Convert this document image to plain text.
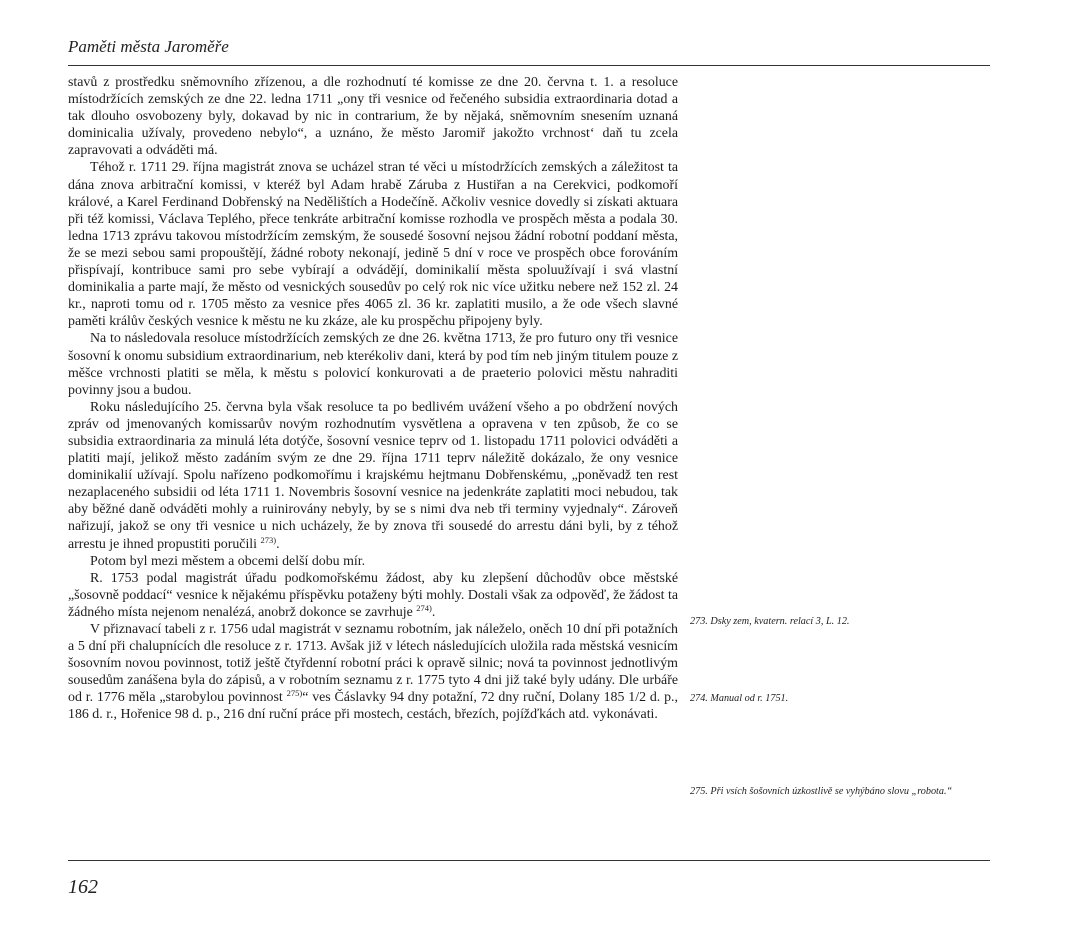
Paměti města Jaroměře

stavů z prostředku sněmovního zřízenou, a dle rozhodnutí té komisse ze dne 20. června t. 1. a resoluce místodržících zemských ze dne 22. ledna 1711 „ony tři vesnice od řečeného subsidia extraordinaria dotad a tak dlouho osvobozeny byly, dokavad by nic in contrarium, že by nějaká, sněmovním snesením uznaná dominicalia užívaly, provedeno nebylo“, a uznáno, že město Jaromiř jakožto vrchnost‘ daň tu zcela zapravovati a odváděti má.

Téhož r. 1711 29. října magistrát znova se ucházel stran té věci u místodržících zemských a záležitost ta dána znova arbitrační komissi, v kteréž byl Adam hrabě Záruba z Hustiřan a na Cerekvici, podkomoří králové, a Karel Ferdinand Dobřenský na Nedělištích a Hodečíně. Ačkoliv vesnice dovedly si získati aktuara při též komissi, Václava Teplého, přece tenkráte arbitrační komisse rozhodla ve prospěch města a podala 30. ledna 1713 zprávu takovou místodržícím zemským, že sousedé šosovní nejsou žádní robotní poddaní města, že se mezi sebou sami propouštějí, žádné roboty nekonají, jedině 5 dní v roce ve prospěch obce forováním přispívají, kontribuce sami pro sebe vybírají a odvádějí, dominikalií města spoluužívají i svá vlastní dominikalia a parte mají, že město od vesnických sousedův po celý rok nic více užitku nebere než 152 zl. 24 kr., naproti tomu od r. 1705 město za vesnice přes 4065 zl. 36 kr. zaplatiti musilo, a že ode všech slavné paměti králův českých vesnice k městu ne ku zkáze, ale ku prospěchu připojeny byly.

Na to následovala resoluce místodržících zemských ze dne 26. května 1713, že pro futuro ony tři vesnice šosovní k onomu subsidium extraordinarium, neb kterékoliv dani, která by pod tím neb jiným titulem pouze z měšce vrchnosti platiti se měla, k městu s polovicí konkurovati a de praeterio polovici městu nahraditi povinny jsou a budou.

Roku následujícího 25. června byla však resoluce ta po bedlivém uvážení všeho a po obdržení nových zpráv od jmenovaných komissarův novým rozhodnutím vysvětlena a opravena v ten způsob, že co se subsidia extraordinaria za minulá léta dotýče, šosovní vesnice teprv od 1. listopadu 1711 polovici odváděti a platiti mají, jelikož město zadáním svým ze dne 29. října 1711 teprv náležitě dokázalo, že ony vesnice dominikalií užívají. Spolu nařízeno podkomořímu i krajskému hejtmanu Dobřenskému, „poněvadž ten rest nezaplaceného subsidii od léta 1711 1. Novembris šosovní vesnice na jedenkráte zaplatiti moci nebudou, tak aby běžné daně odváděti mohly a ruinirovány nebyly, by se s nimi dva neb tři terminy vyjednaly“. Zároveň nařizují, jakož se ony tři vesnice u nich ucházely, že by znova tři sousedé do arrestu dáni byli, by z téhož arrestu je ihned propustiti poručili $^{273)}$.

Potom byl mezi městem a obcemi delší dobu mír.

R. 1753 podal magistrát úřadu podkomořskému žádost, aby ku zlepšení důchodův obce městské „šosovně poddací“ vesnice k nějakému příspěvku potaženy býti mohly. Dostali však za odpověď, že žádost ta žádného místa nejenom nenalézá, anobrž dokonce se zavrhuje $^{274)}$.

V přiznavací tabeli z r. 1756 udal magistrát v seznamu robotním, jak náleželo, oněch 10 dní při potažních a 5 dní při chalupnících dle resoluce z r. 1713. Avšak již v létech následujících uložila rada městská vesnicím šosovním novou povinnost, totiž ještě čtyřdenní robotní práci k opravě silnic; nová ta povinnost jednotlivým sousedům zanášena byla do zápisů, a v robotním seznamu z r. 1775 tyto 4 dni již také byly udány. Dle urbáře od r. 1776 měla „starobylou povinnost $^{275)}$“ ves Čáslavky 94 dny potažní, 72 dny ruční, Dolany 185 1/2 d. p., 186 d. r., Hořenice 98 d. p., 216 dní ruční práce při mostech, cestách, březích, pojížďkách atd. vykonávati.

273. Dsky zem, kvatern. relací 3, L. 12.
274. Manual od r. 1751.
275. Při vsích šošovních úzkostlivě se vyhýbáno slovu „robota.“
162
